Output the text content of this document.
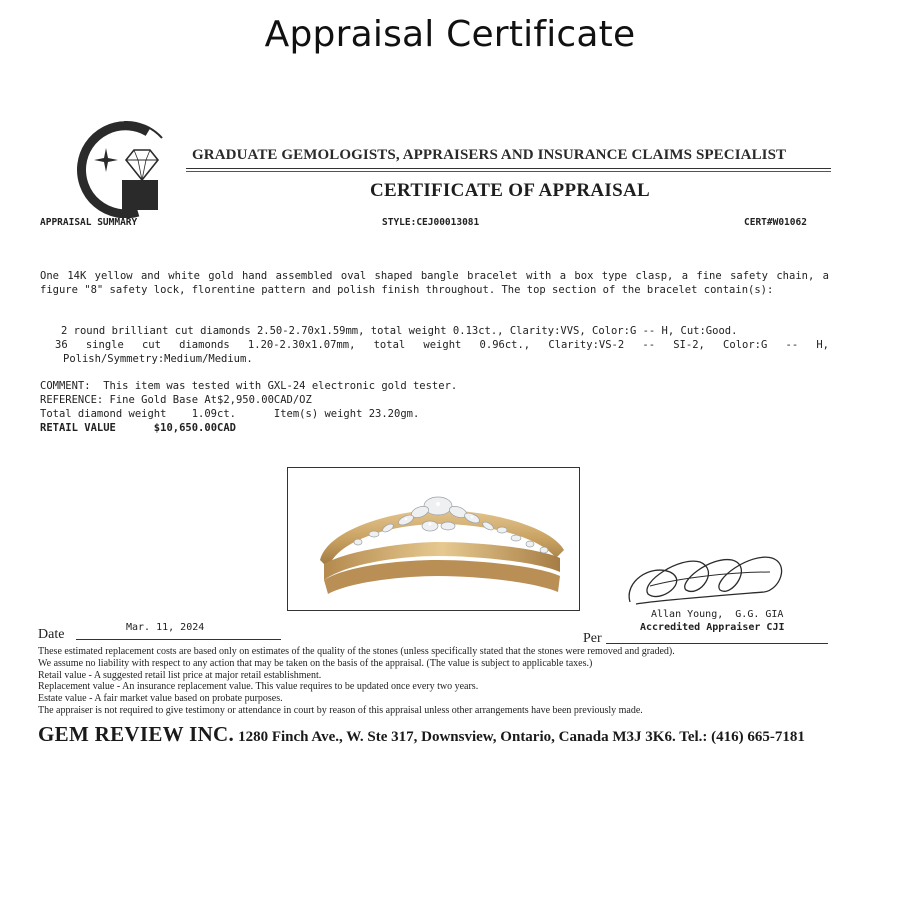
Appraisal Certificate
GRADUATE GEMOLOGISTS, APPRAISERS AND INSURANCE CLAIMS SPECIALIST
CERTIFICATE OF APPRAISAL
APPRAISAL SUMMARY	STYLE:CEJ00013081	CERT#W01062
One 14K yellow and white gold hand assembled oval shaped bangle bracelet with a box type clasp, a fine safety chain, a figure "8" safety lock, florentine pattern and polish finish throughout. The top section of the bracelet contain(s):
2 round brilliant cut diamonds 2.50-2.70x1.59mm, total weight 0.13ct., Clarity:VVS, Color:G -- H, Cut:Good.
36 single cut diamonds 1.20-2.30x1.07mm, total weight 0.96ct., Clarity:VS-2 -- SI-2, Color:G -- H,
Polish/Symmetry:Medium/Medium.
COMMENT:  This item was tested with GXL-24 electronic gold tester.
REFERENCE: Fine Gold Base At$2,950.00CAD/OZ
Total diamond weight    1.09ct.      Item(s) weight 23.20gm.
RETAIL VALUE	$10,650.00CAD
Allan Young,  G.G. GIA
Accredited Appraiser CJI
Per
Date	Mar. 11, 2024
These estimated replacement costs are based only on estimates of the quality of the stones (unless specifically stated that the stones were removed and graded).
We assume no liability with respect to any action that may be taken on the basis of the appraisal. (The value is subject to applicable taxes.)
Retail value - A suggested retail list price at major retail establishment.
Replacement value - An insurance replacement value. This value requires to be updated once every two years.
Estate value - A fair market value based on probate purposes.
The appraiser is not required to give testimony or attendance in court by reason of this appraisal unless other arrangements have been previously made.
GEM REVIEW INC. 1280 Finch Ave., W. Ste 317, Downsview, Ontario, Canada M3J 3K6. Tel.: (416) 665-7181
